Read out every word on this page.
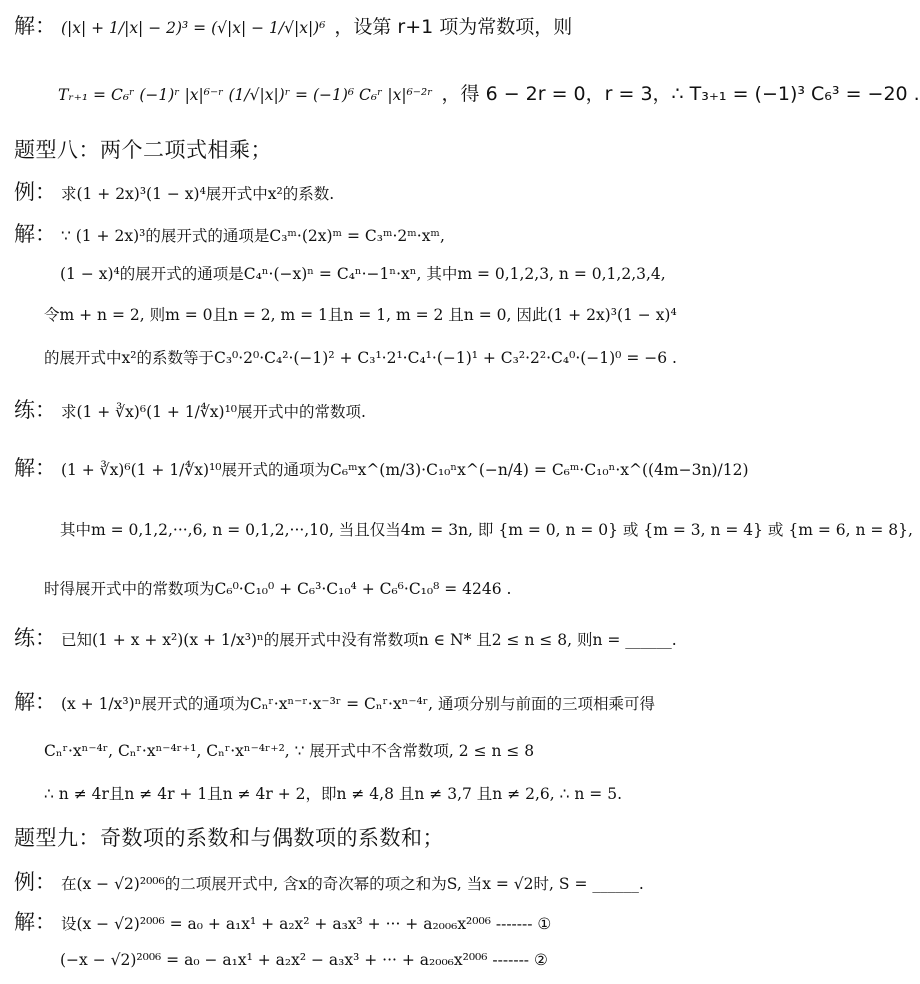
解： (|x| + 1/|x| − 2)³ = (√|x| − 1/√|x|)⁶ ，设第 r+1 项为常数项，则
Tᵣ₊₁ = C₆ʳ (−1)ʳ |x|⁶⁻ʳ (1/√|x|)ʳ = (−1)⁶ C₆ʳ |x|⁶⁻²ʳ ，得 6 − 2r = 0，r = 3，∴ T₃₊₁ = (−1)³ C₆³ = −20 .
题型八：两个二项式相乘；
例： 求(1 + 2x)³(1 − x)⁴展开式中x²的系数.
解： ∵ (1 + 2x)³的展开式的通项是C₃ᵐ·(2x)ᵐ = C₃ᵐ·2ᵐ·xᵐ,
(1 − x)⁴的展开式的通项是C₄ⁿ·(−x)ⁿ = C₄ⁿ·−1ⁿ·xⁿ, 其中m = 0,1,2,3, n = 0,1,2,3,4,
令m + n = 2, 则m = 0且n = 2, m = 1且n = 1, m = 2 且n = 0, 因此(1 + 2x)³(1 − x)⁴
的展开式中x²的系数等于C₃⁰·2⁰·C₄²·(−1)² + C₃¹·2¹·C₄¹·(−1)¹ + C₃²·2²·C₄⁰·(−1)⁰ = −6 .
练： 求(1 + ∛x)⁶(1 + 1/∜x)¹⁰展开式中的常数项.
解： (1 + ∛x)⁶(1 + 1/∜x)¹⁰展开式的通项为C₆ᵐx^(m/3)·C₁₀ⁿx^(−n/4) = C₆ᵐ·C₁₀ⁿ·x^((4m−3n)/12)
其中m = 0,1,2,···,6, n = 0,1,2,···,10, 当且仅当4m = 3n, 即 {m = 0, n = 0} 或 {m = 3, n = 4} 或 {m = 6, n = 8},
时得展开式中的常数项为C₆⁰·C₁₀⁰ + C₆³·C₁₀⁴ + C₆⁶·C₁₀⁸ = 4246 .
练： 已知(1 + x + x²)(x + 1/x³)ⁿ的展开式中没有常数项n ∈ N* 且2 ≤ n ≤ 8, 则n = ______.
解： (x + 1/x³)ⁿ展开式的通项为Cₙʳ·xⁿ⁻ʳ·x⁻³ʳ = Cₙʳ·xⁿ⁻⁴ʳ, 通项分别与前面的三项相乘可得
Cₙʳ·xⁿ⁻⁴ʳ, Cₙʳ·xⁿ⁻⁴ʳ⁺¹, Cₙʳ·xⁿ⁻⁴ʳ⁺², ∵ 展开式中不含常数项, 2 ≤ n ≤ 8
∴ n ≠ 4r且n ≠ 4r + 1且n ≠ 4r + 2，即n ≠ 4,8 且n ≠ 3,7 且n ≠ 2,6, ∴ n = 5.
题型九：奇数项的系数和与偶数项的系数和；
例： 在(x − √2)²⁰⁰⁶的二项展开式中, 含x的奇次幂的项之和为S, 当x = √2时, S = ______.
解： 设(x − √2)²⁰⁰⁶ = a₀ + a₁x¹ + a₂x² + a₃x³ + ··· + a₂₀₀₆x²⁰⁰⁶ ------- ①
(−x − √2)²⁰⁰⁶ = a₀ − a₁x¹ + a₂x² − a₃x³ + ··· + a₂₀₀₆x²⁰⁰⁶ ------- ②
